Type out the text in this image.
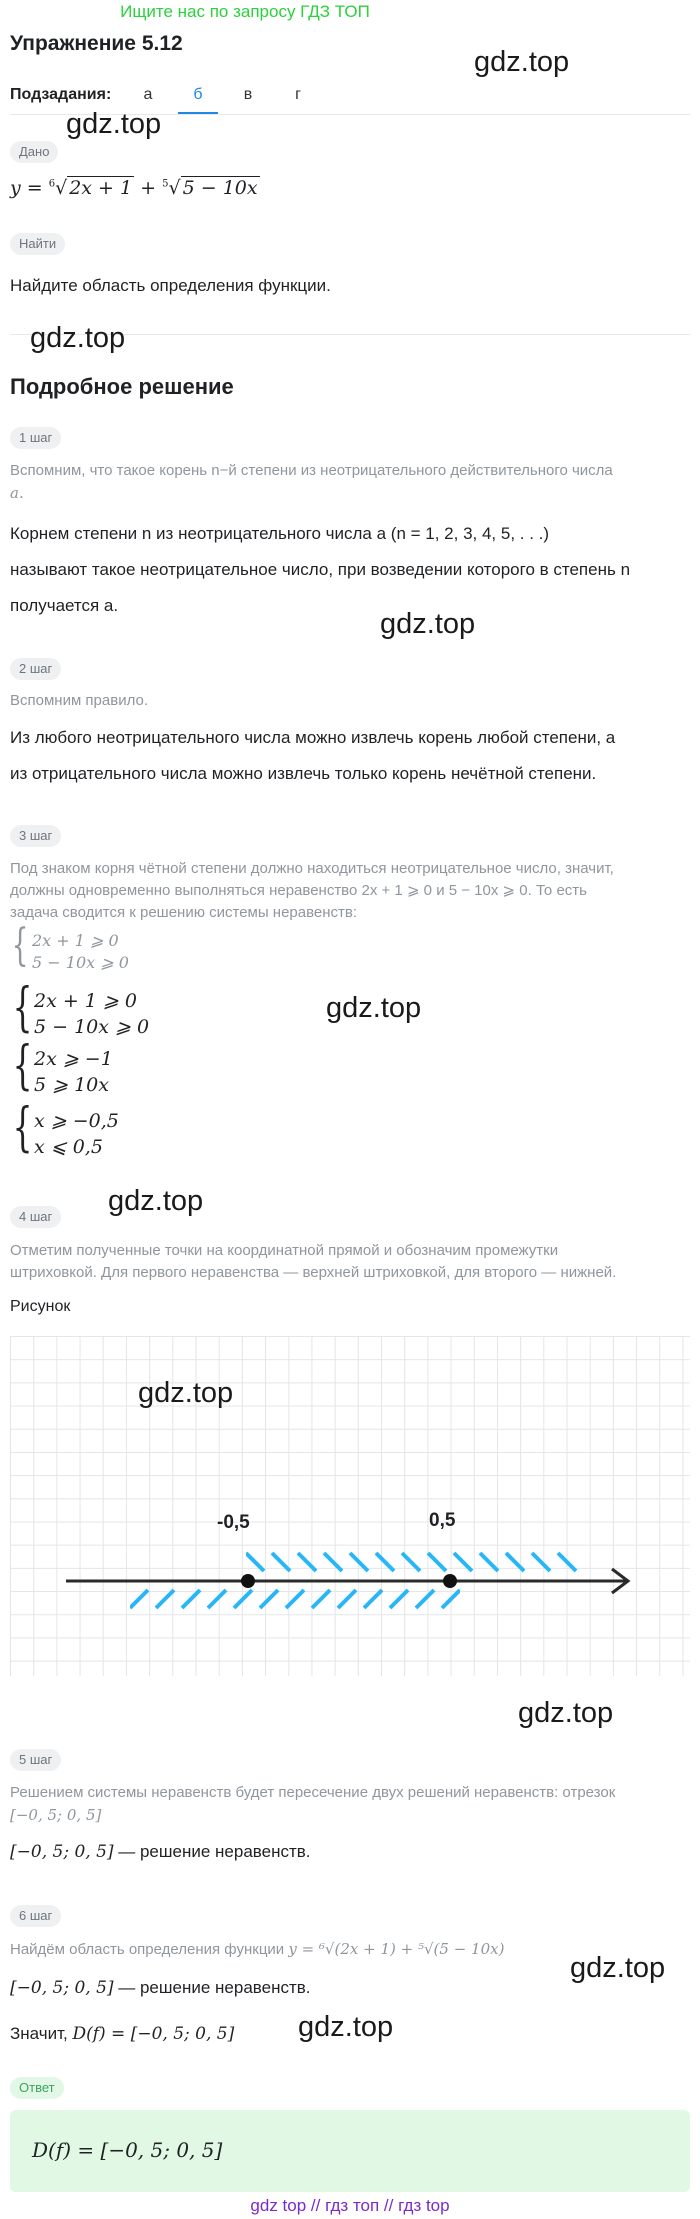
Ищите нас по запросу ГДЗ ТОП
Упражнение 5.12
gdz.top
Подзадания:	а	б	в	г
gdz.top
Дано
y = $^6$√ 2x + 1 + $^5$√ 5 − 10x
Найти
Найдите область определения функции.
gdz.top
Подробное решение
1 шаг
Вспомним, что такое корень n−й степени из неотрицательного действительного числа
a.
Корнем степени n из неотрицательного числа a (n = 1, 2, 3, 4, 5, . . .)
называют такое неотрицательное число, при возведении которого в степень n
получается a.
gdz.top
2 шаг
Вспомним правило.
Из любого неотрицательного числа можно извлечь корень любой степени, а
из отрицательного числа можно извлечь только корень нечётной степени.
3 шаг
Под знаком корня чётной степени должно находиться неотрицательное число, значит,
должны одновременно выполняться неравенство 2x + 1 ⩾ 0 и 5 − 10x ⩾ 0. То есть
задача сводится к решению системы неравенств:
{ 2x + 1 ⩾ 0
5 − 10x ⩾ 0
{ 2x + 1 ⩾ 0
5 − 10x ⩾ 0
gdz.top
{ 2x ⩾ −1
5 ⩾ 10x
{ x ⩾ −0,5
x ⩽ 0,5
4 шаг	gdz.top
Отметим полученные точки на координатной прямой и обозначим промежутки
штриховкой. Для первого неравенства — верхней штриховкой, для второго — нижней.
Рисунок
-0,5	0,5
gdz.top
gdz.top
5 шаг
Решением системы неравенств будет пересечение двух решений неравенств: отрезок
[−0, 5; 0, 5]
[−0, 5; 0, 5] — решение неравенств.
6 шаг
Найдём область определения функции y = ⁶√(2x + 1) + ⁵√(5 − 10x)
gdz.top
[−0, 5; 0, 5] — решение неравенств.
Значит, D(f) = [−0, 5; 0, 5] gdz.top
Ответ
D(f) = [−0, 5; 0, 5]
gdz top // гдз топ // гдз top
